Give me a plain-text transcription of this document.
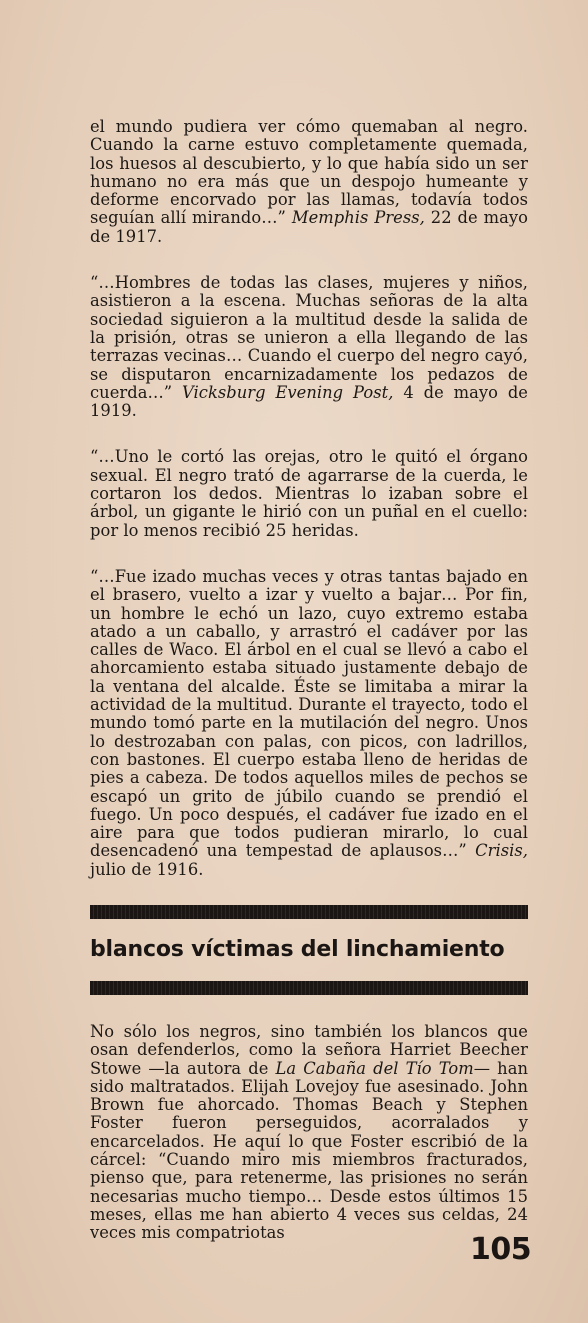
el mundo pudiera ver cómo quemaban al negro. Cuando la carne estuvo completamente quemada, los huesos al descubierto, y lo que había sido un ser humano no era más que un despojo humeante y deforme encorvado por las llamas, todavía todos seguían allí mirando…” Memphis Press, 22 de mayo de 1917.

“…Hombres de todas las clases, mujeres y niños, asistieron a la escena. Muchas señoras de la alta sociedad siguieron a la multitud desde la salida de la prisión, otras se unieron a ella llegando de las terrazas vecinas… Cuando el cuerpo del negro cayó, se disputaron encarnizadamente los pedazos de cuerda…” Vicksburg Evening Post, 4 de mayo de 1919.

“…Uno le cortó las orejas, otro le quitó el órgano sexual. El negro trató de agarrarse de la cuerda, le cortaron los dedos. Mientras lo izaban sobre el árbol, un gigante le hirió con un puñal en el cuello: por lo menos recibió 25 heridas.

“…Fue izado muchas veces y otras tantas bajado en el brasero, vuelto a izar y vuelto a bajar… Por fin, un hombre le echó un lazo, cuyo extremo estaba atado a un caballo, y arrastró el cadáver por las calles de Waco. El árbol en el cual se llevó a cabo el ahorcamiento estaba situado justamente debajo de la ventana del alcalde. Éste se limitaba a mirar la actividad de la multitud. Durante el trayecto, todo el mundo tomó parte en la mutilación del negro. Unos lo destrozaban con palas, con picos, con ladrillos, con bastones. El cuerpo estaba lleno de heridas de pies a cabeza. De todos aquellos miles de pechos se escapó un grito de júbilo cuando se prendió el fuego. Un poco después, el cadáver fue izado en el aire para que todos pudieran mirarlo, lo cual desencadenó una tempestad de aplausos…” Crisis, julio de 1916.

blancos víctimas del linchamiento

No sólo los negros, sino también los blancos que osan defenderlos, como la señora Harriet Beecher Stowe —la autora de La Cabaña del Tío Tom— han sido maltratados. Elijah Lovejoy fue asesinado. John Brown fue ahorcado. Thomas Beach y Stephen Foster fueron perseguidos, acorralados y encarcelados. He aquí lo que Foster escribió de la cárcel: “Cuando miro mis miembros fracturados, pienso que, para retenerme, las prisiones no serán necesarias mucho tiempo… Desde estos últimos 15 meses, ellas me han abierto 4 veces sus celdas, 24 veces mis compatriotas	105
